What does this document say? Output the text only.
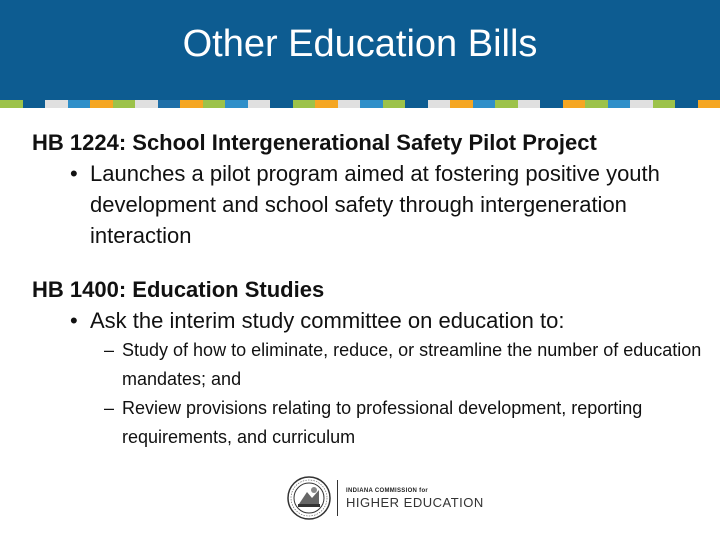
Other Education Bills
HB 1224: School Intergenerational Safety Pilot Project
• Launches a pilot program aimed at fostering positive youth development and school safety through intergeneration interaction
HB 1400: Education Studies
• Ask the interim study committee on education to:
– Study of how to eliminate, reduce, or streamline the number of education mandates; and
– Review provisions relating to professional development, reporting requirements, and curriculum
INDIANA COMMISSION for
HIGHER EDUCATION
